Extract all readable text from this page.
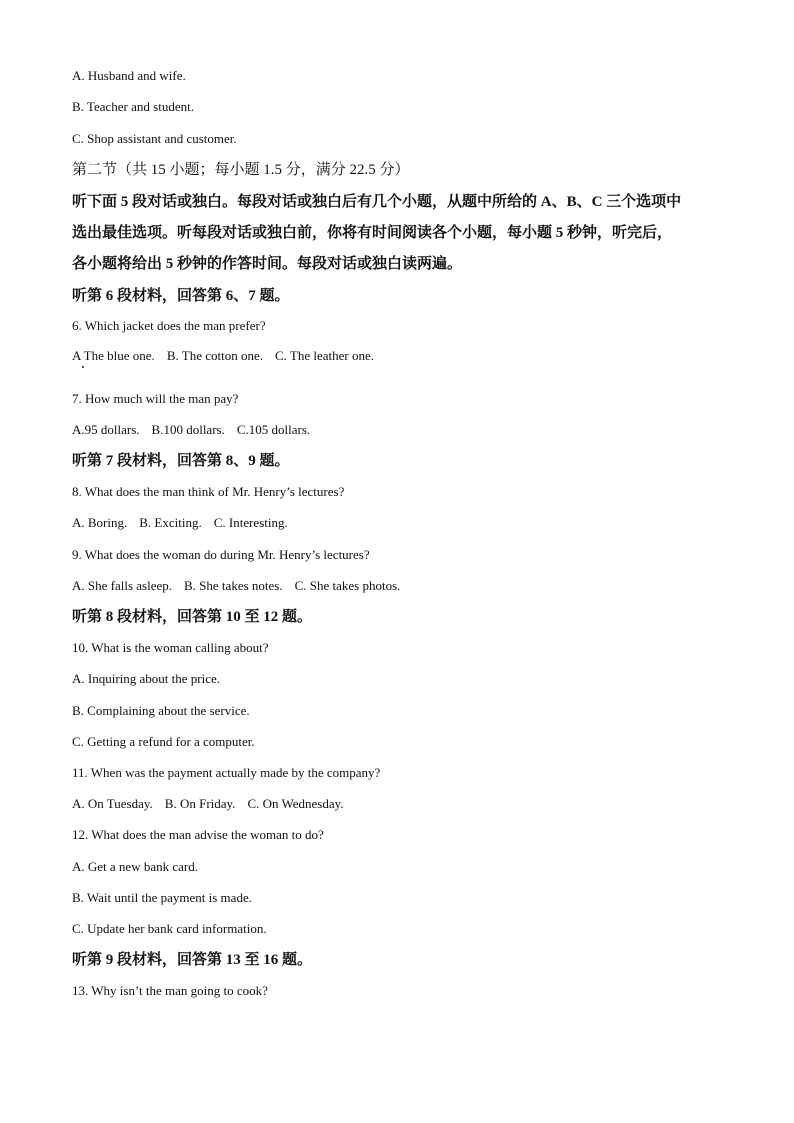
A. Husband and wife.
B. Teacher and student.
C. Shop assistant and customer.
第二节（共 15 小题；每小题 1.5 分，满分 22.5 分）
听下面 5 段对话或独白。每段对话或独白后有几个小题，从题中所给的 A、B、C 三个选项中
选出最佳选项。听每段对话或独白前，你将有时间阅读各个小题，每小题 5 秒钟，听完后，
各小题将给出 5 秒钟的作答时间。每段对话或独白读两遍。
听第 6 段材料，回答第 6、7 题。
6. Which jacket does the man prefer?
A The blue one. B. The cotton one. C. The leather one.
7. How much will the man pay?
A.95 dollars. B.100 dollars. C.105 dollars.
听第 7 段材料，回答第 8、9 题。
8. What does the man think of Mr. Henry’s lectures?
A. Boring. B. Exciting. C. Interesting.
9. What does the woman do during Mr. Henry’s lectures?
A. She falls asleep. B. She takes notes. C. She takes photos.
听第 8 段材料，回答第 10 至 12 题。
10. What is the woman calling about?
A. Inquiring about the price.
B. Complaining about the service.
C. Getting a refund for a computer.
11. When was the payment actually made by the company?
A. On Tuesday. B. On Friday. C. On Wednesday.
12. What does the man advise the woman to do?
A. Get a new bank card.
B. Wait until the payment is made.
C. Update her bank card information.
听第 9 段材料，回答第 13 至 16 题。
13. Why isn’t the man going to cook?
